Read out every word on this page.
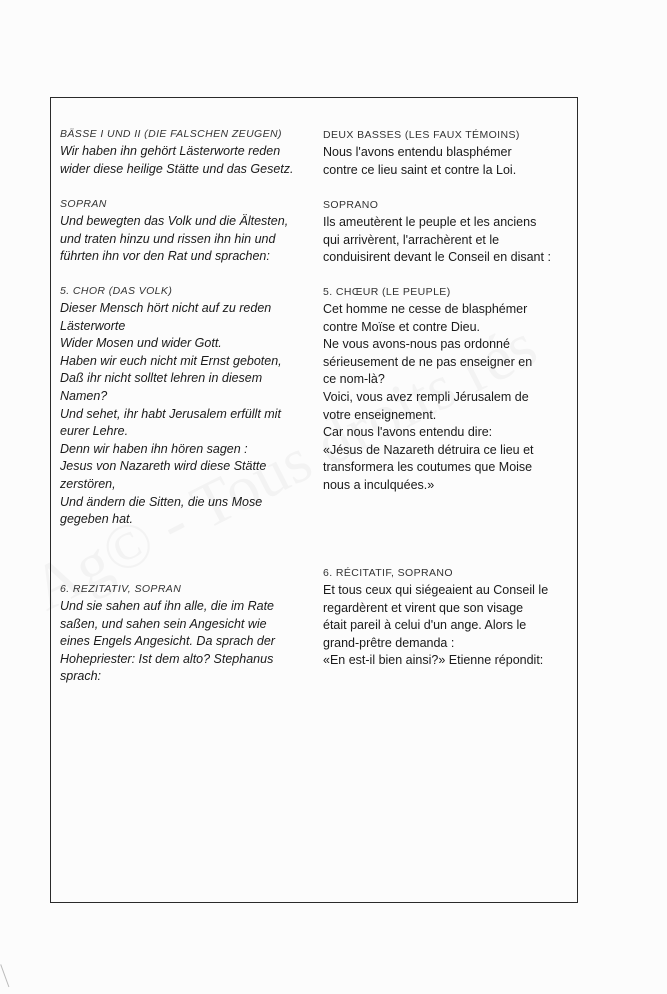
BÄSSE I UND II (DIE FALSCHEN ZEUGEN)
Wir haben ihn gehört Lästerworte reden
wider diese heilige Stätte und das Gesetz.
SOPRAN
Und bewegten das Volk und die Ältesten,
und traten hinzu und rissen ihn hin und
führten ihn vor den Rat und sprachen:
5. CHOR (DAS VOLK)
Dieser Mensch hört nicht auf zu reden
Lästerworte
Wider Mosen und wider Gott.
Haben wir euch nicht mit Ernst geboten,
Daß ihr nicht solltet lehren in diesem
Namen?
Und sehet, ihr habt Jerusalem erfüllt mit
eurer Lehre.
Denn wir haben ihn hören sagen :
Jesus von Nazareth wird diese Stätte
zerstören,
Und ändern die Sitten, die uns Mose
gegeben hat.
6. REZITATIV, SOPRAN
Und sie sahen auf ihn alle, die im Rate
saßen, und sahen sein Angesicht wie
eines Engels Angesicht. Da sprach der
Hohepriester: Ist dem alto? Stephanus
sprach:
DEUX BASSES (LES FAUX TÉMOINS)
Nous l'avons entendu blasphémer
contre ce lieu saint et contre la Loi.
SOPRANO
Ils ameutèrent le peuple et les anciens
qui arrivèrent, l'arrachèrent et le
conduisirent devant le Conseil en disant :
5. CHŒUR (LE PEUPLE)
Cet homme ne cesse de blasphémer
contre Moïse et contre Dieu.
Ne vous avons-nous pas ordonné
sérieusement de ne pas enseigner en
ce nom-là?
Voici, vous avez rempli Jérusalem de
votre enseignement.
Car nous l'avons entendu dire:
«Jésus de Nazareth détruira ce lieu et
transformera les coutumes que Moise
nous a inculquées.»
6. RÉCITATIF, SOPRANO
Et tous ceux qui siégeaient au Conseil le
regardèrent et virent que son visage
était pareil à celui d'un ange. Alors le
grand-prêtre demanda :
«En est-il bien ainsi?» Etienne répondit:
